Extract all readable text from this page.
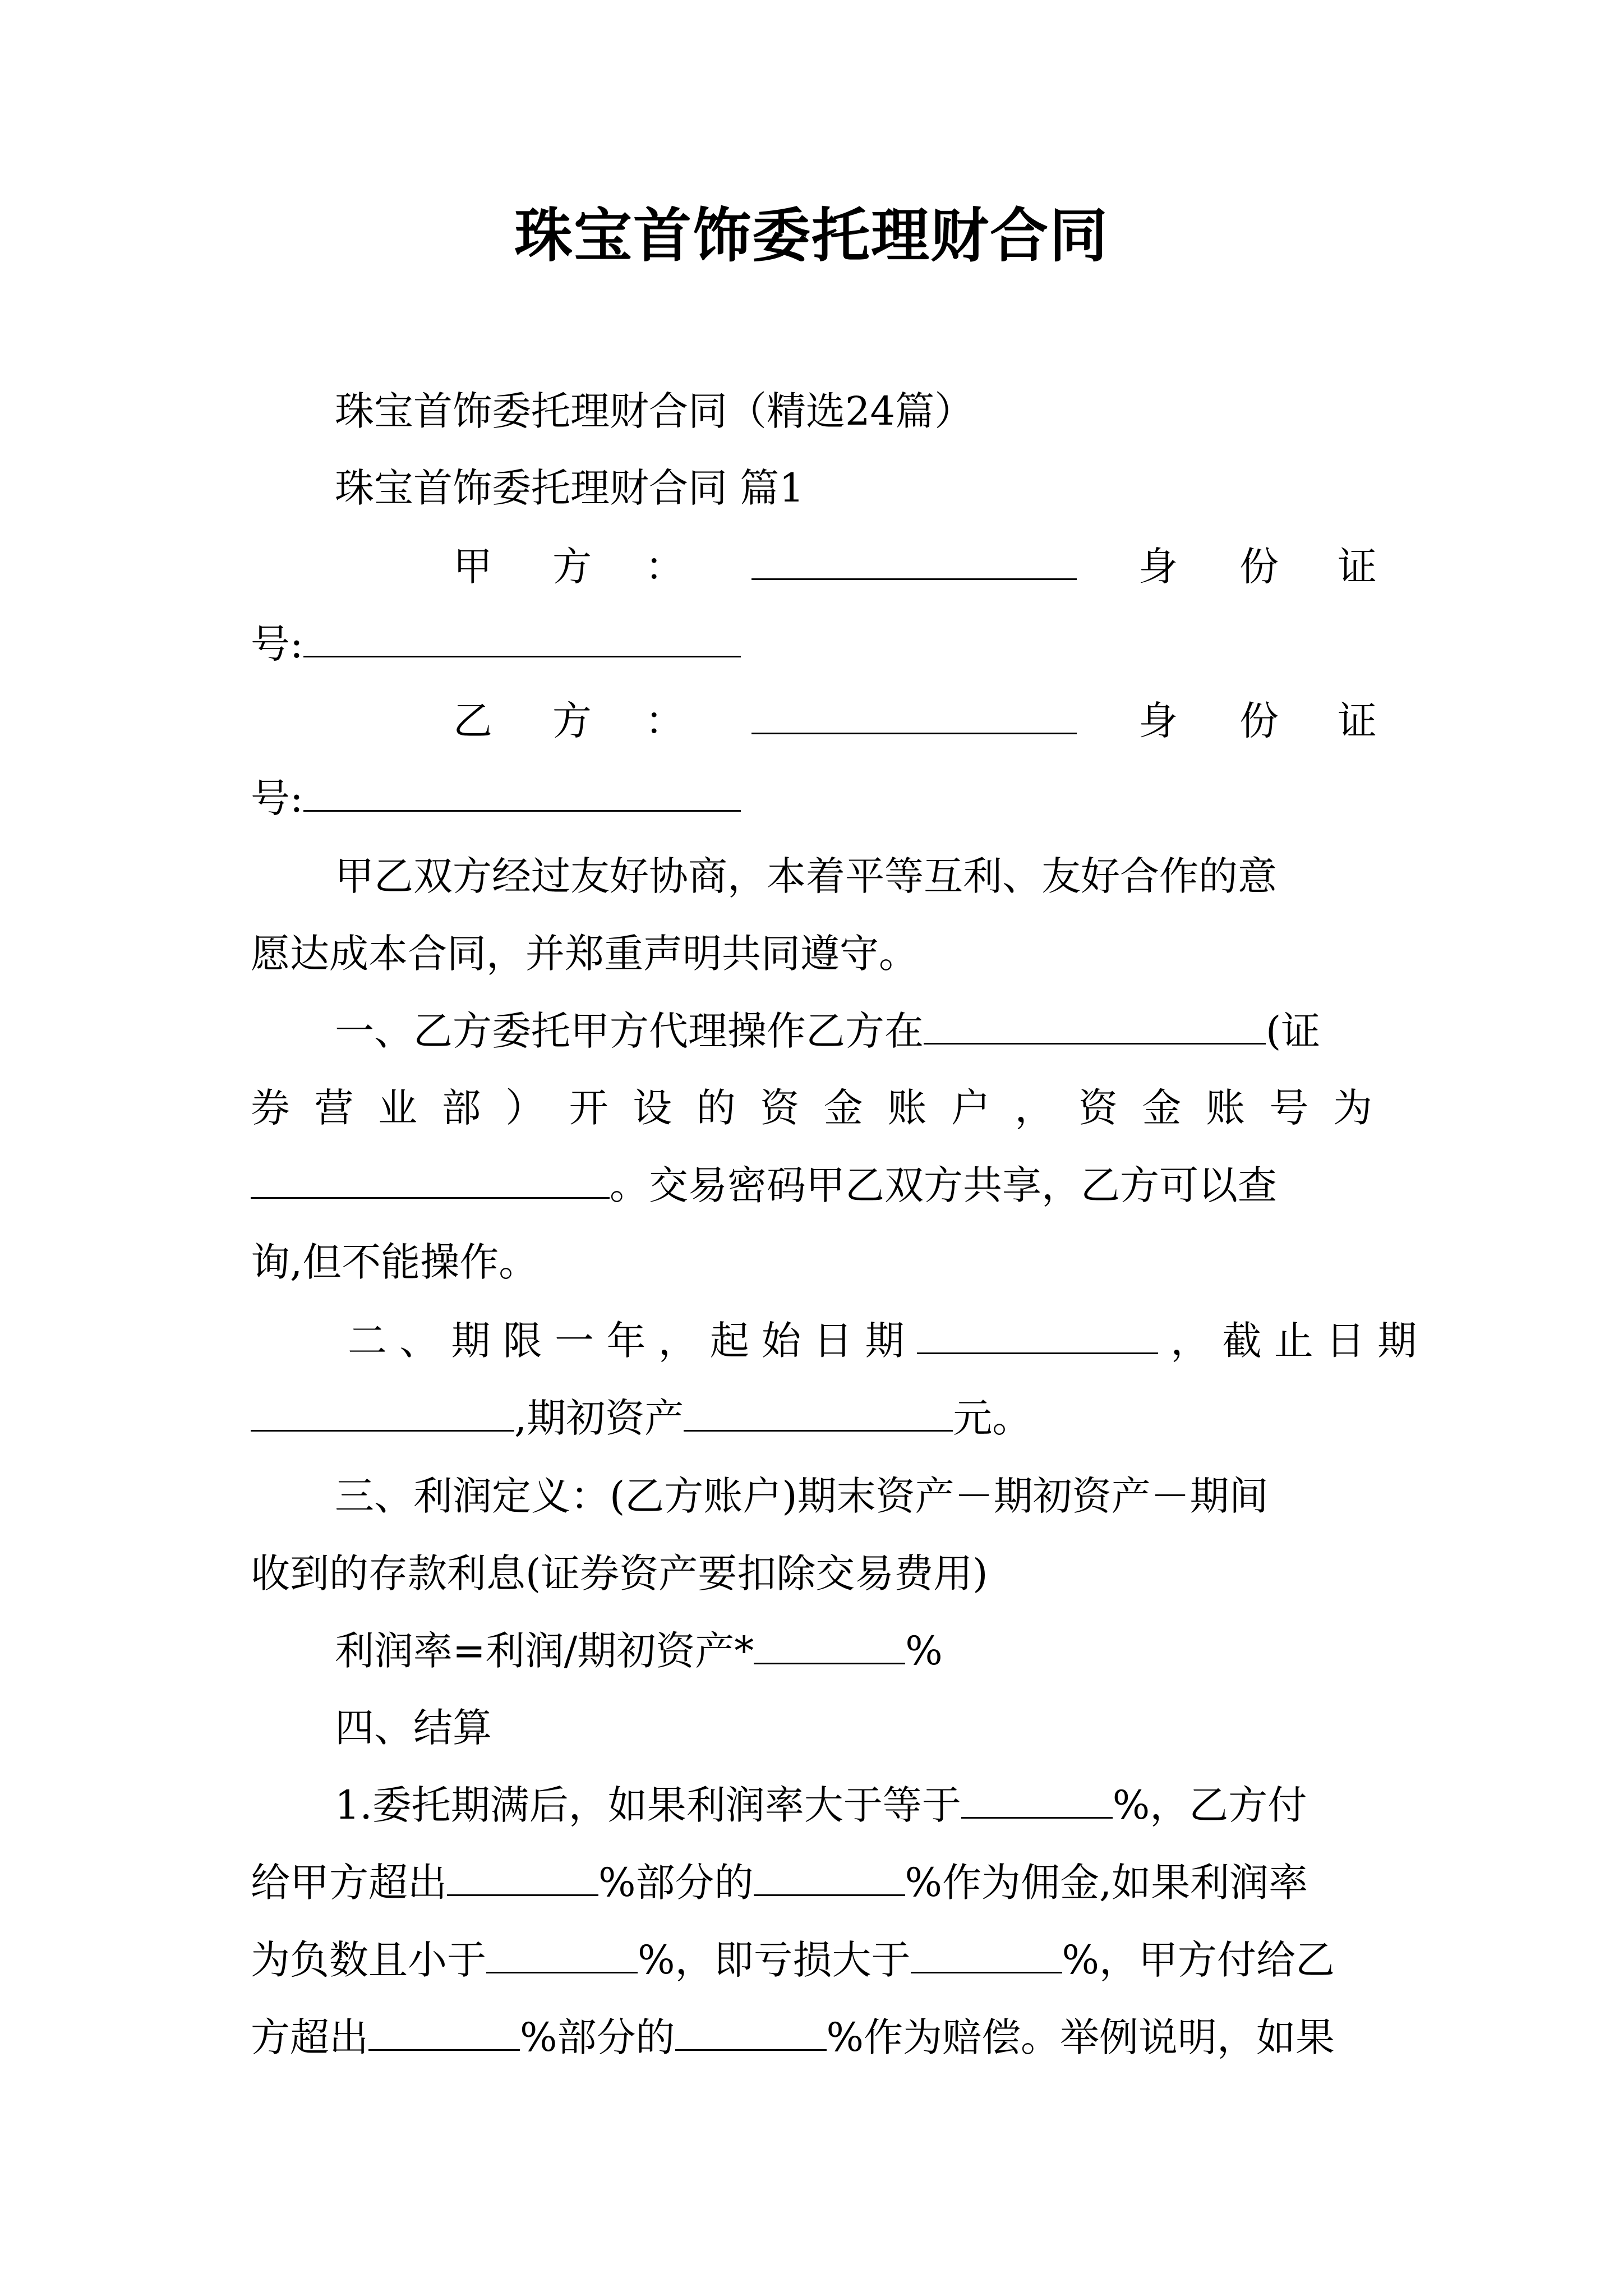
珠宝首饰委托理财合同
珠宝首饰委托理财合同（精选24篇）
珠宝首饰委托理财合同 篇1
甲 方 ：	身 份 证
号:
乙 方 ：	身 份 证
号:
甲乙双方经过友好协商，本着平等互利、友好合作的意
愿达成本合同，并郑重声明共同遵守。
一、乙方委托甲方代理操作乙方在	(证
券 营 业 部 ） 开 设 的 资 金 账 户 ， 资 金 账 号 为
。交易密码甲乙双方共享，乙方可以查
询,但不能操作。
二 、 期 限 一 年 ， 起 始 日 期	， 截 止 日 期
,期初资产	元。
三、利润定义：(乙方账户)期末资产－期初资产－期间
收到的存款利息(证券资产要扣除交易费用)
利润率=利润/期初资产*	%
四、结算
1.委托期满后，如果利润率大于等于	%，乙方付
给甲方超出	%部分的	%作为佣金,如果利润率
为负数且小于	%，即亏损大于	%，甲方付给乙
方超出	%部分的	%作为赔偿。举例说明，如果
